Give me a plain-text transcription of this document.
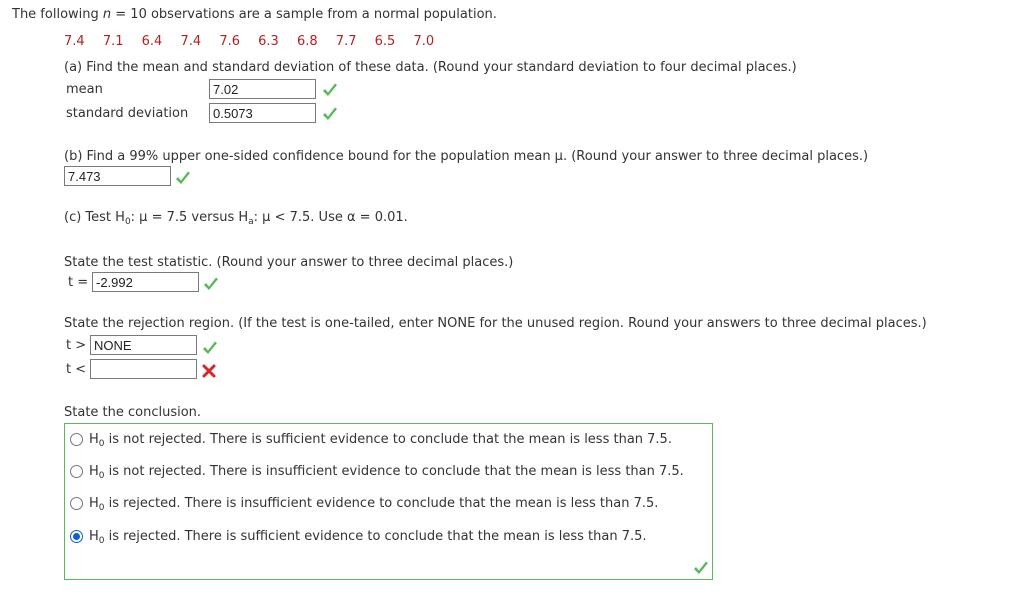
The following n = 10 observations are a sample from a normal population.
7.4 7.1 6.4 7.4 7.6 6.3 6.8 7.7 6.5 7.0
(a) Find the mean and standard deviation of these data. (Round your standard deviation to four decimal places.)
mean	7.02
standard deviation	0.5073
(b) Find a 99% upper one-sided confidence bound for the population mean μ. (Round your answer to three decimal places.)
7.473
(c) Test $H_0$: μ = 7.5 versus $H_a$: μ < 7.5. Use α = 0.01.
State the test statistic. (Round your answer to three decimal places.)
t = -2.992
State the rejection region. (If the test is one-tailed, enter NONE for the unused region. Round your answers to three decimal places.)
t > NONE
t <
State the conclusion.
$H_0$ is not rejected. There is sufficient evidence to conclude that the mean is less than 7.5.
$H_0$ is not rejected. There is insufficient evidence to conclude that the mean is less than 7.5.
$H_0$ is rejected. There is insufficient evidence to conclude that the mean is less than 7.5.
$H_0$ is rejected. There is sufficient evidence to conclude that the mean is less than 7.5.
